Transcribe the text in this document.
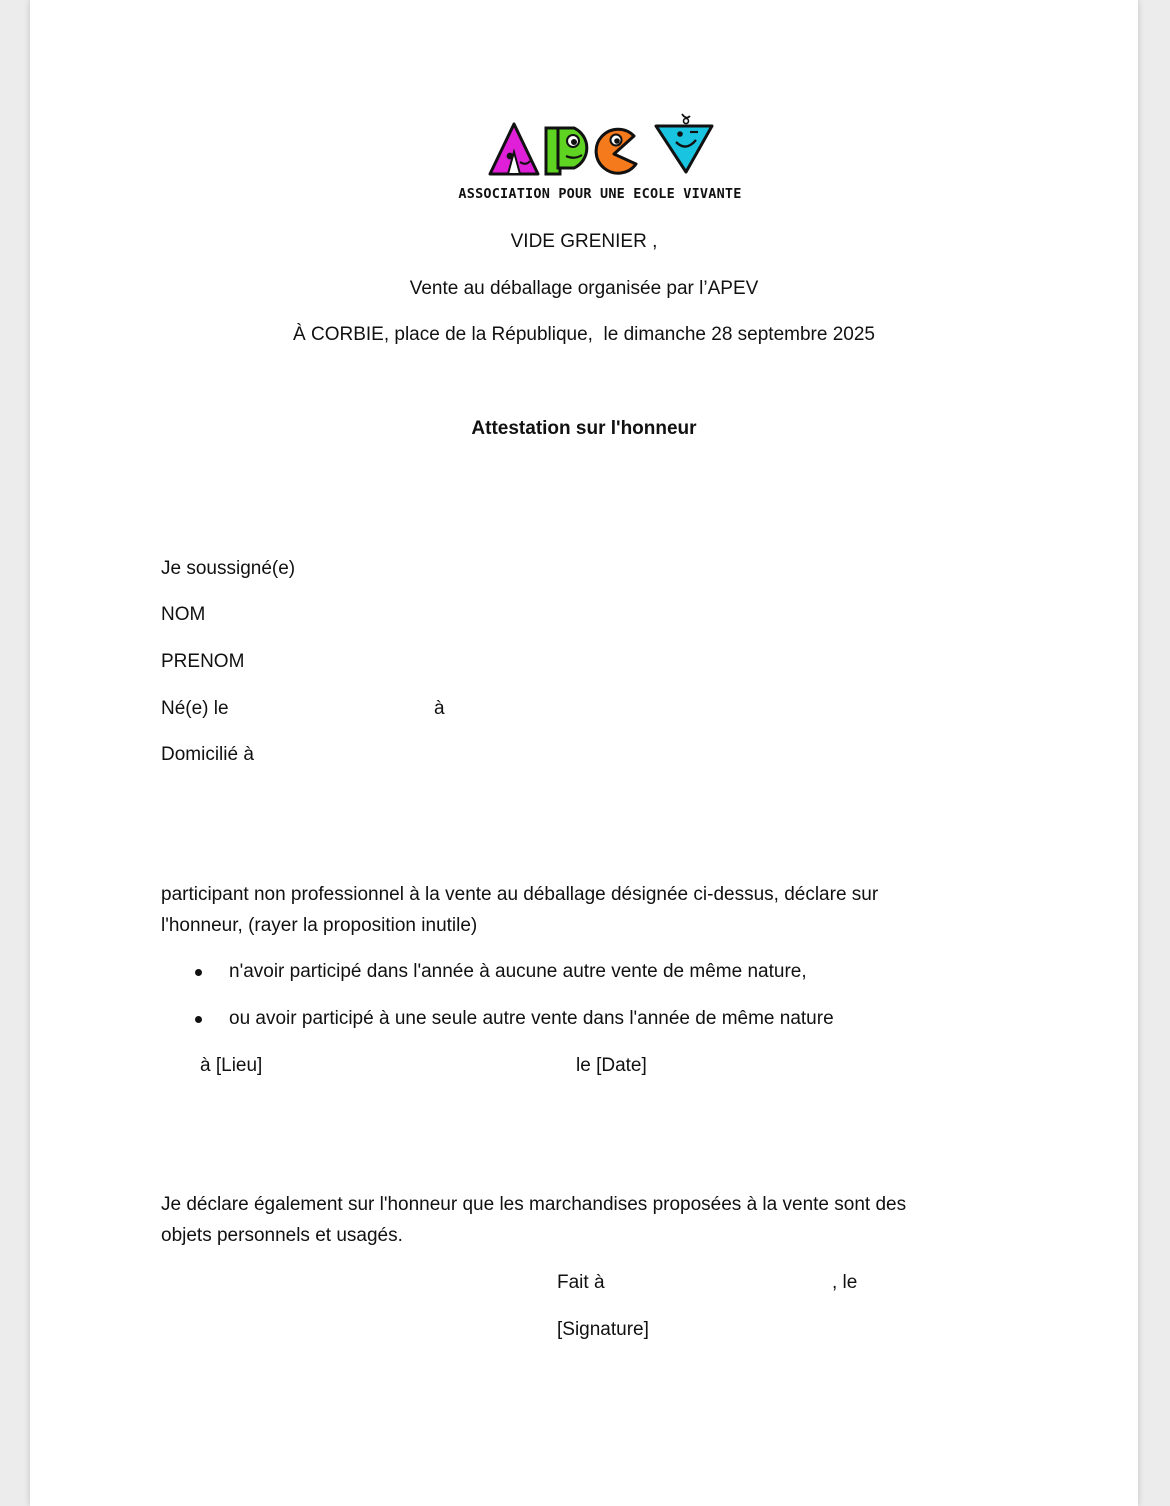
ASSOCIATION POUR UNE ECOLE VIVANTE
VIDE GRENIER ,
Vente au déballage organisée par l’APEV
À CORBIE, place de la République,  le dimanche 28 septembre 2025
Attestation sur l'honneur
Je soussigné(e)
NOM
PRENOM
Né(e) le	à
Domicilié à
participant non professionnel à la vente au déballage désignée ci-dessus, déclare sur l'honneur, (rayer la proposition inutile)
n'avoir participé dans l'année à aucune autre vente de même nature,
ou avoir participé à une seule autre vente dans l'année de même nature
à [Lieu]	le [Date]
Je déclare également sur l'honneur que les marchandises proposées à la vente sont des objets personnels et usagés.
Fait à	, le
[Signature]
